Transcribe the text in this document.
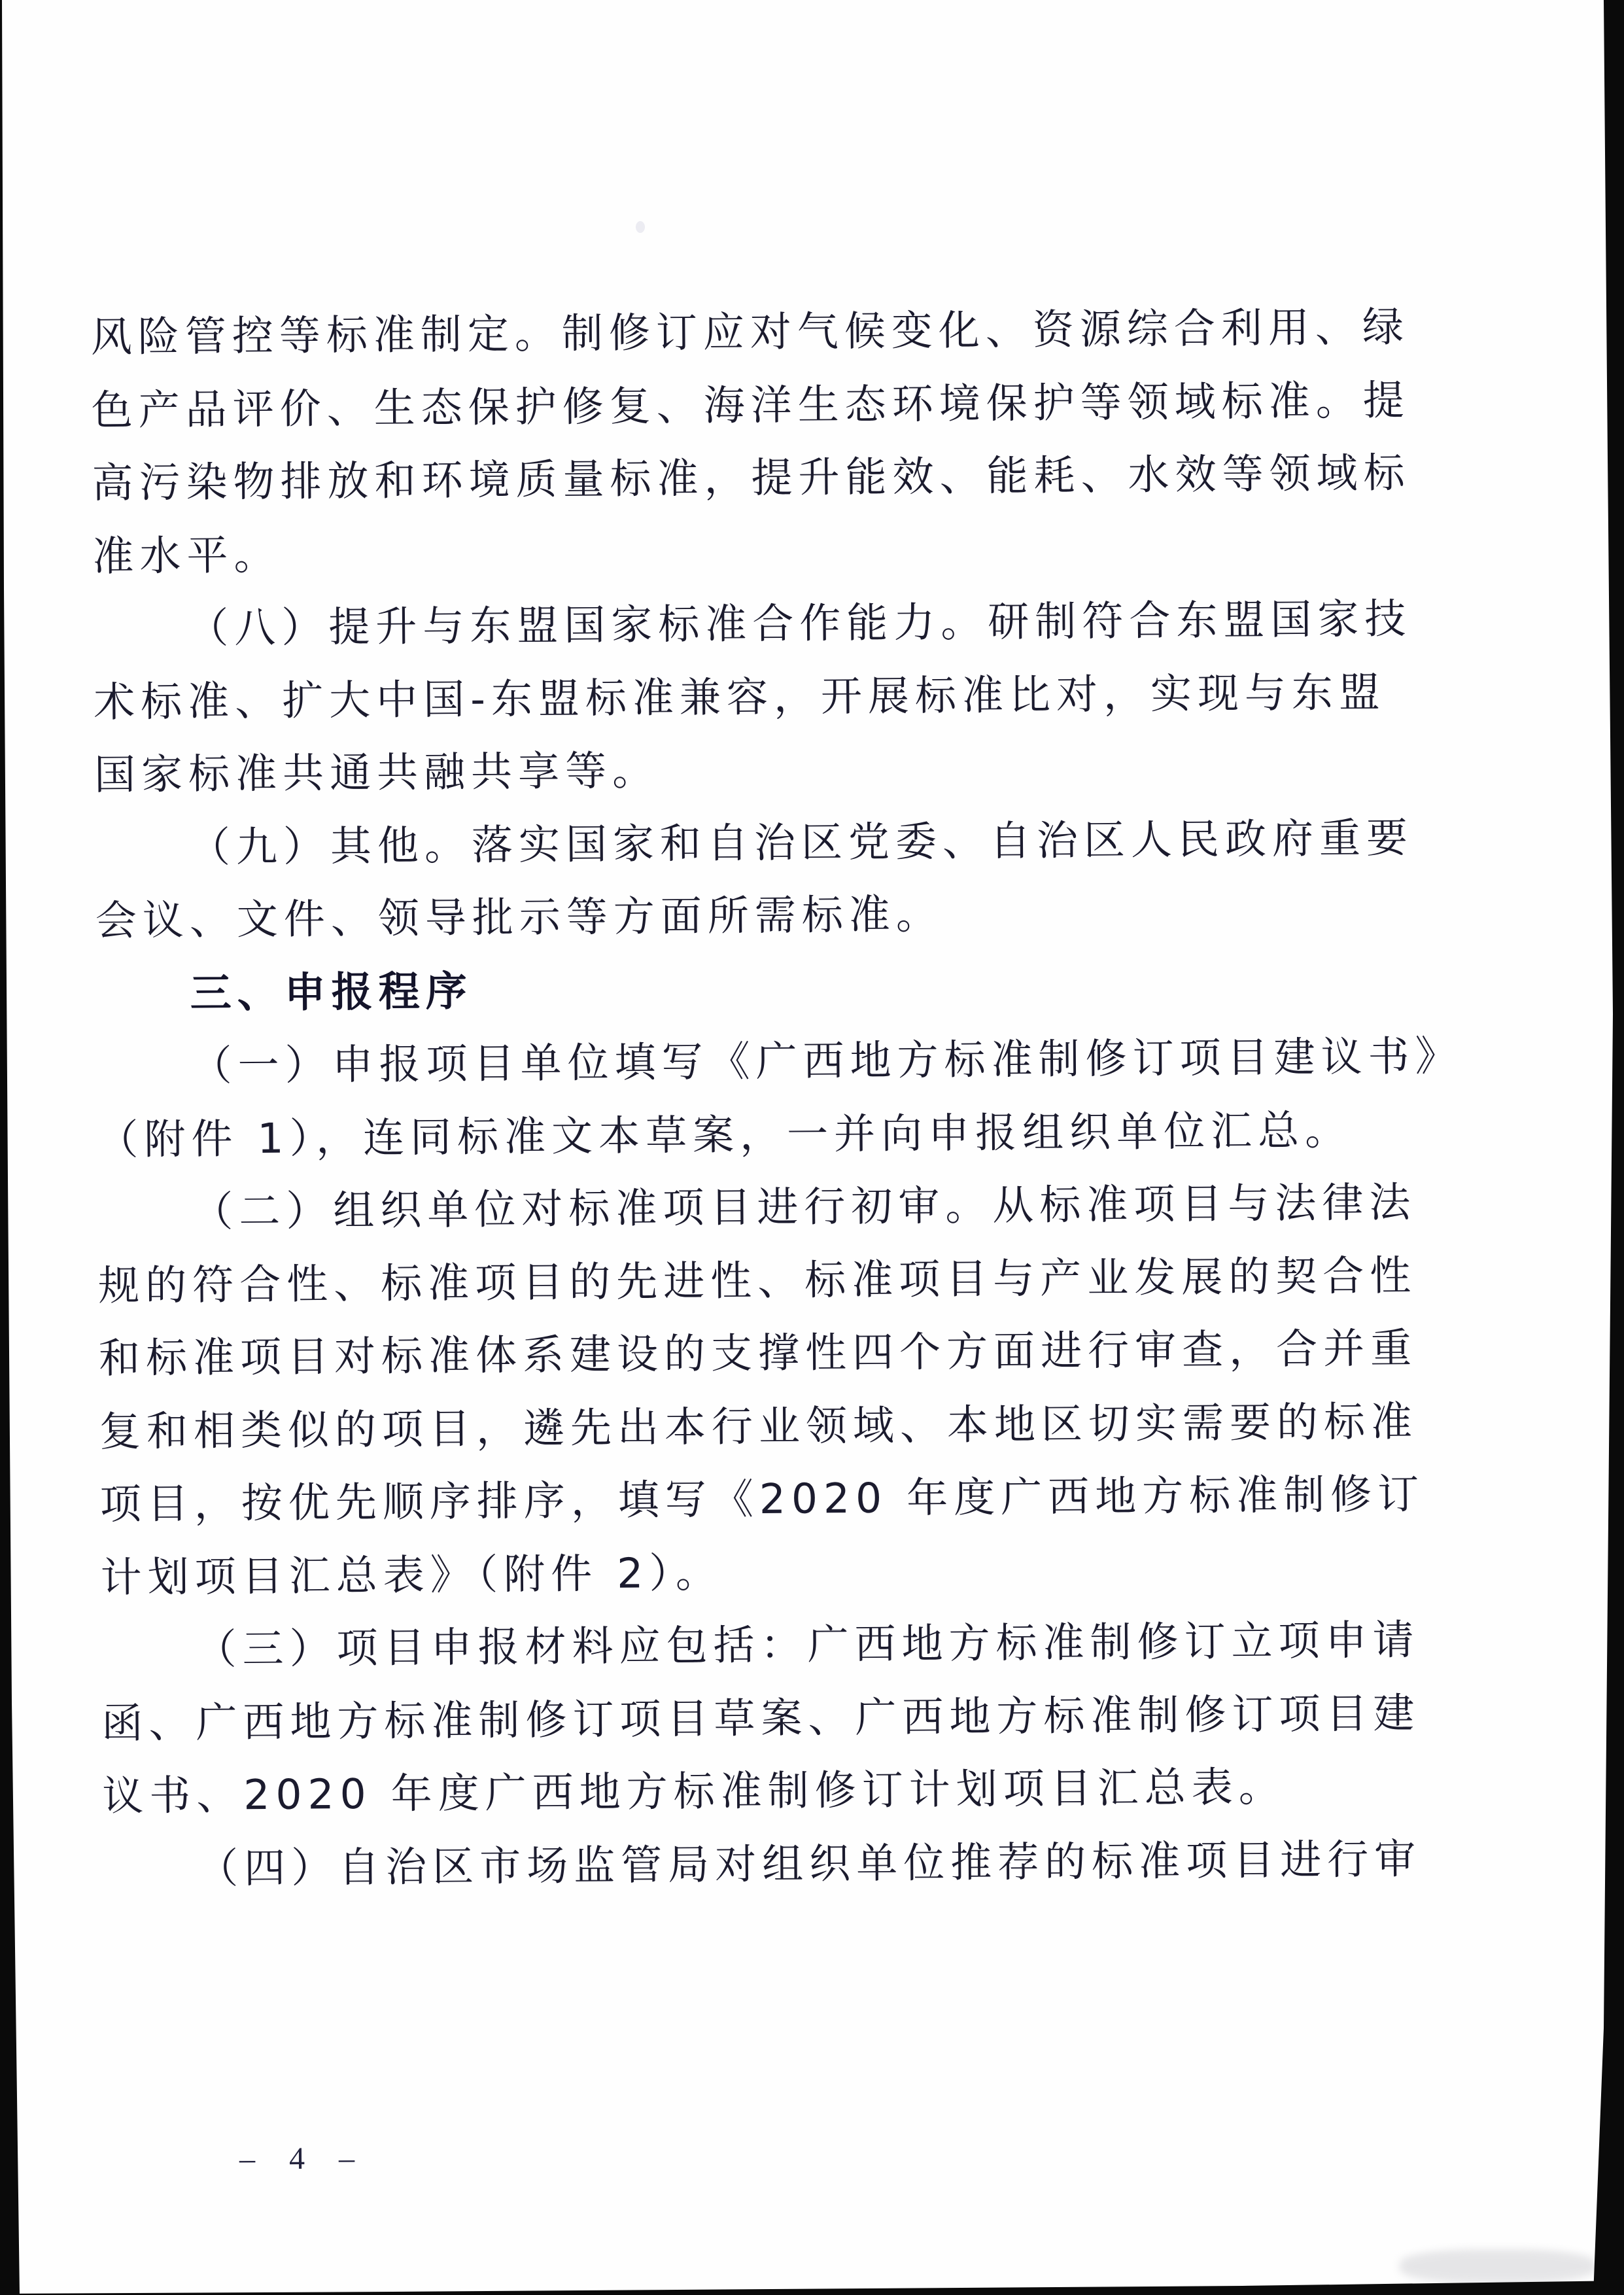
风险管控等标准制定。制修订应对气候变化、资源综合利用、绿
色产品评价、生态保护修复、海洋生态环境保护等领域标准。提
高污染物排放和环境质量标准，提升能效、能耗、水效等领域标
准水平。
（八）提升与东盟国家标准合作能力。研制符合东盟国家技
术标准、扩大中国-东盟标准兼容，开展标准比对，实现与东盟
国家标准共通共融共享等。
（九）其他。落实国家和自治区党委、自治区人民政府重要
会议、文件、领导批示等方面所需标准。
三、申报程序
（一）申报项目单位填写《广西地方标准制修订项目建议书》
（附件 1），连同标准文本草案，一并向申报组织单位汇总。
（二）组织单位对标准项目进行初审。从标准项目与法律法
规的符合性、标准项目的先进性、标准项目与产业发展的契合性
和标准项目对标准体系建设的支撑性四个方面进行审查，合并重
复和相类似的项目，遴先出本行业领域、本地区切实需要的标准
项目，按优先顺序排序，填写《2020 年度广西地方标准制修订
计划项目汇总表》（附件 2）。
（三）项目申报材料应包括：广西地方标准制修订立项申请
函、广西地方标准制修订项目草案、广西地方标准制修订项目建
议书、2020 年度广西地方标准制修订计划项目汇总表。
（四）自治区市场监管局对组织单位推荐的标准项目进行审
– 4 –
